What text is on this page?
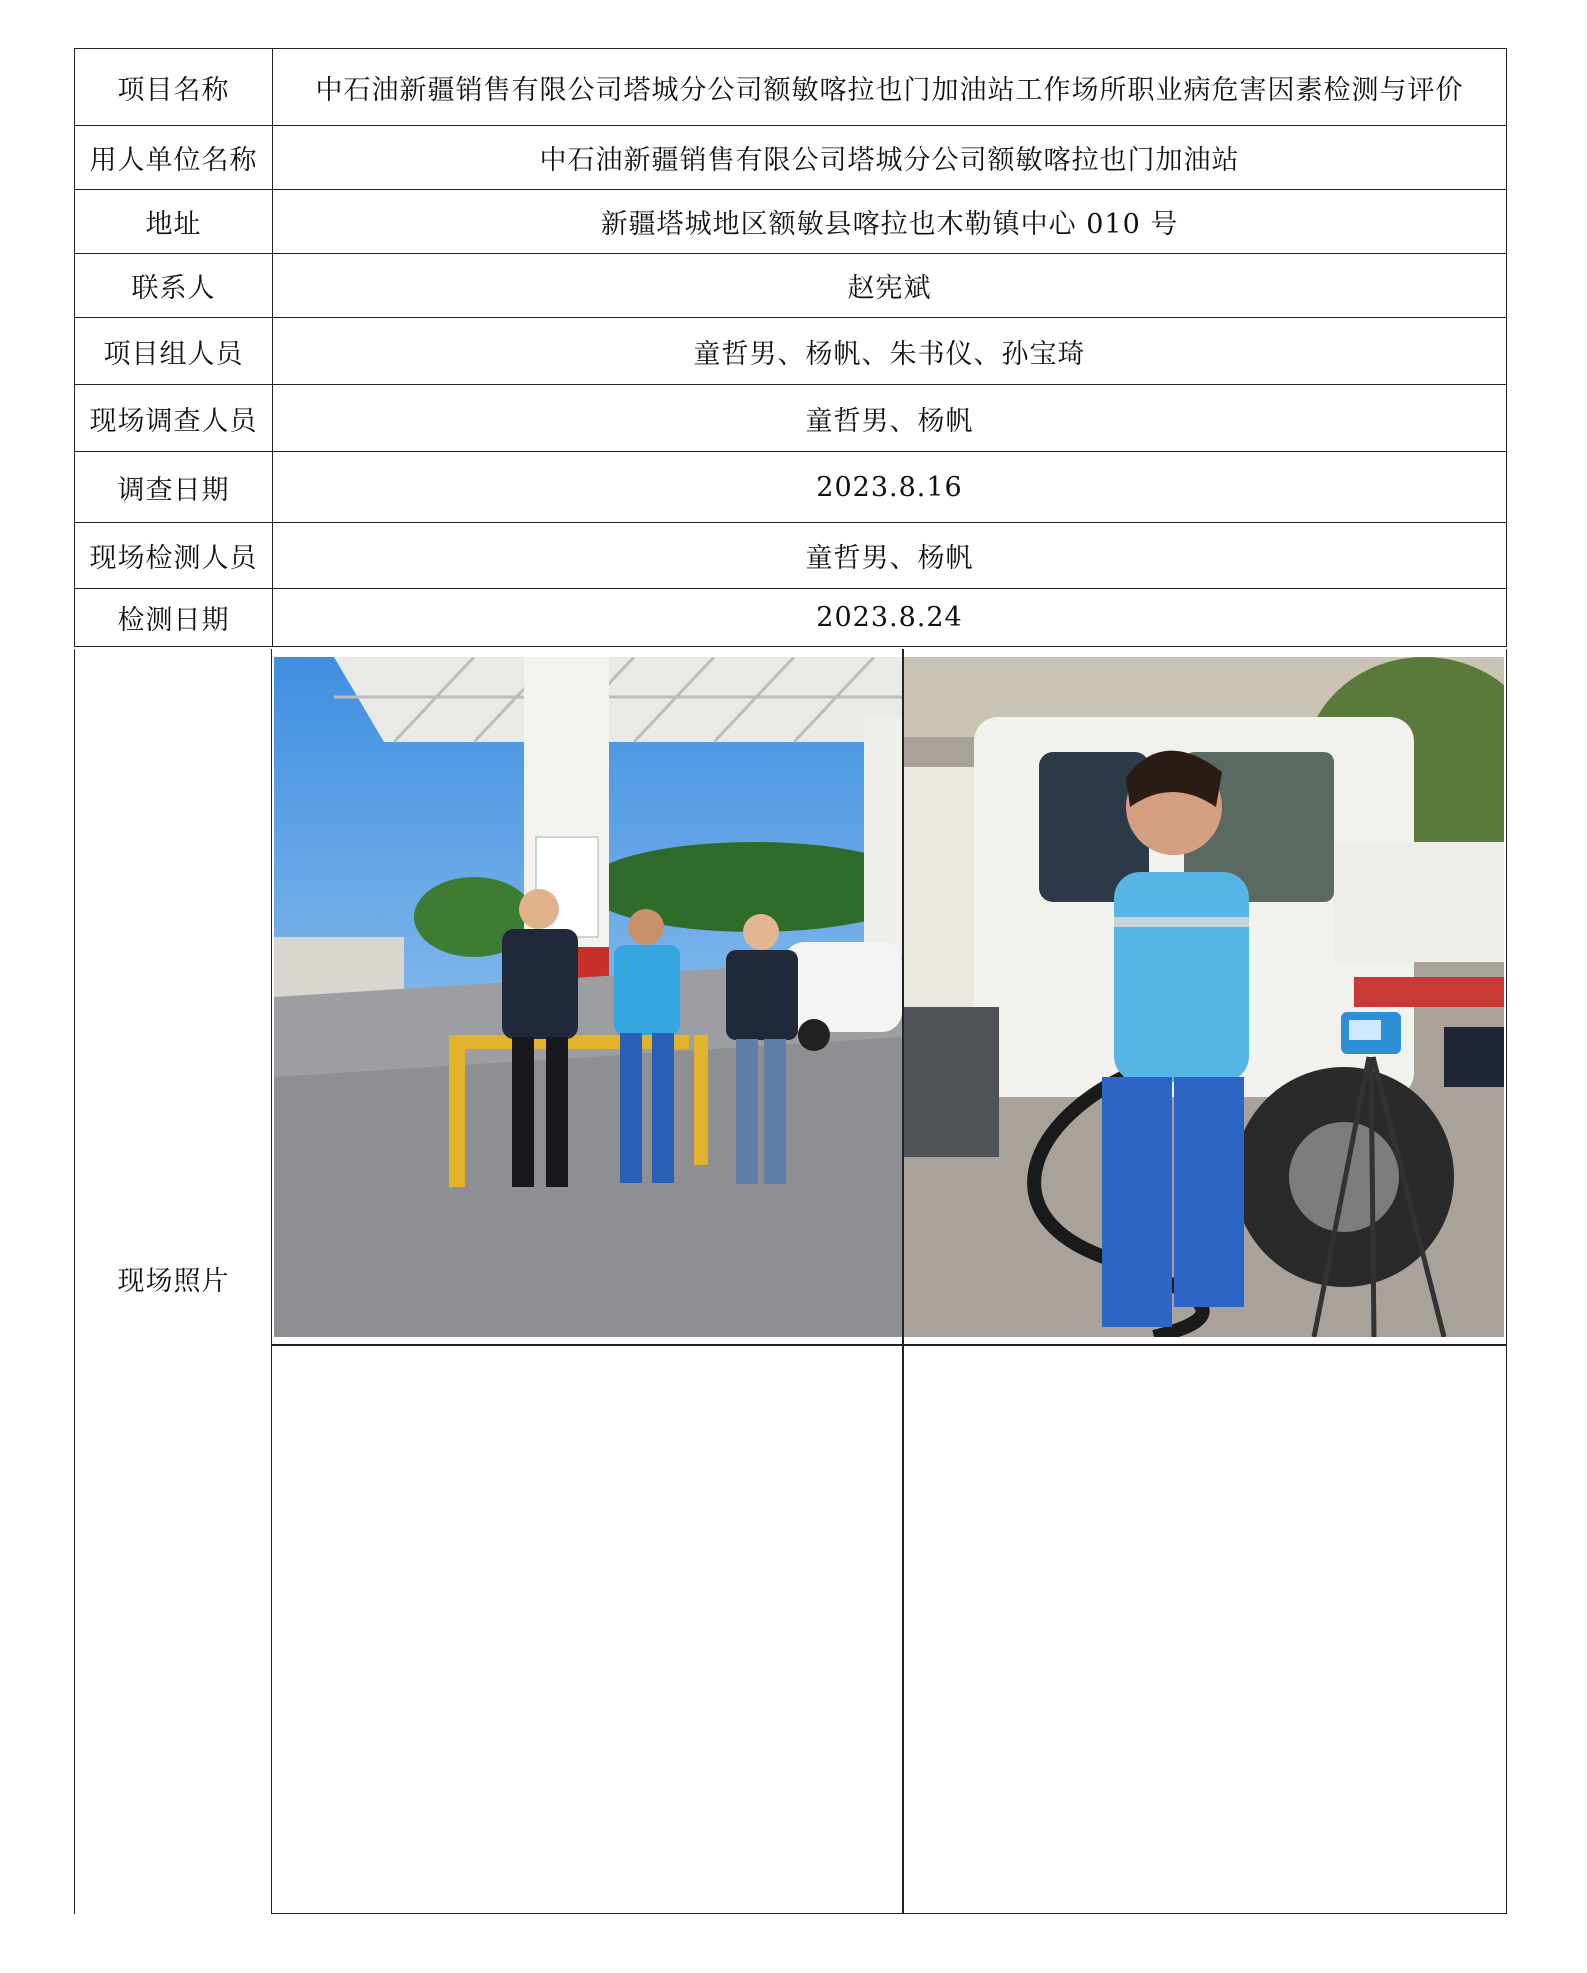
项目名称	中石油新疆销售有限公司塔城分公司额敏喀拉也门加油站工作场所职业病危害因素检测与评价
用人单位名称	中石油新疆销售有限公司塔城分公司额敏喀拉也门加油站
地址	新疆塔城地区额敏县喀拉也木勒镇中心 010 号
联系人	赵宪斌
项目组人员	童哲男、杨帆、朱书仪、孙宝琦
现场调查人员	童哲男、杨帆
调查日期	2023.8.16
现场检测人员	童哲男、杨帆
检测日期	2023.8.24
现场照片
